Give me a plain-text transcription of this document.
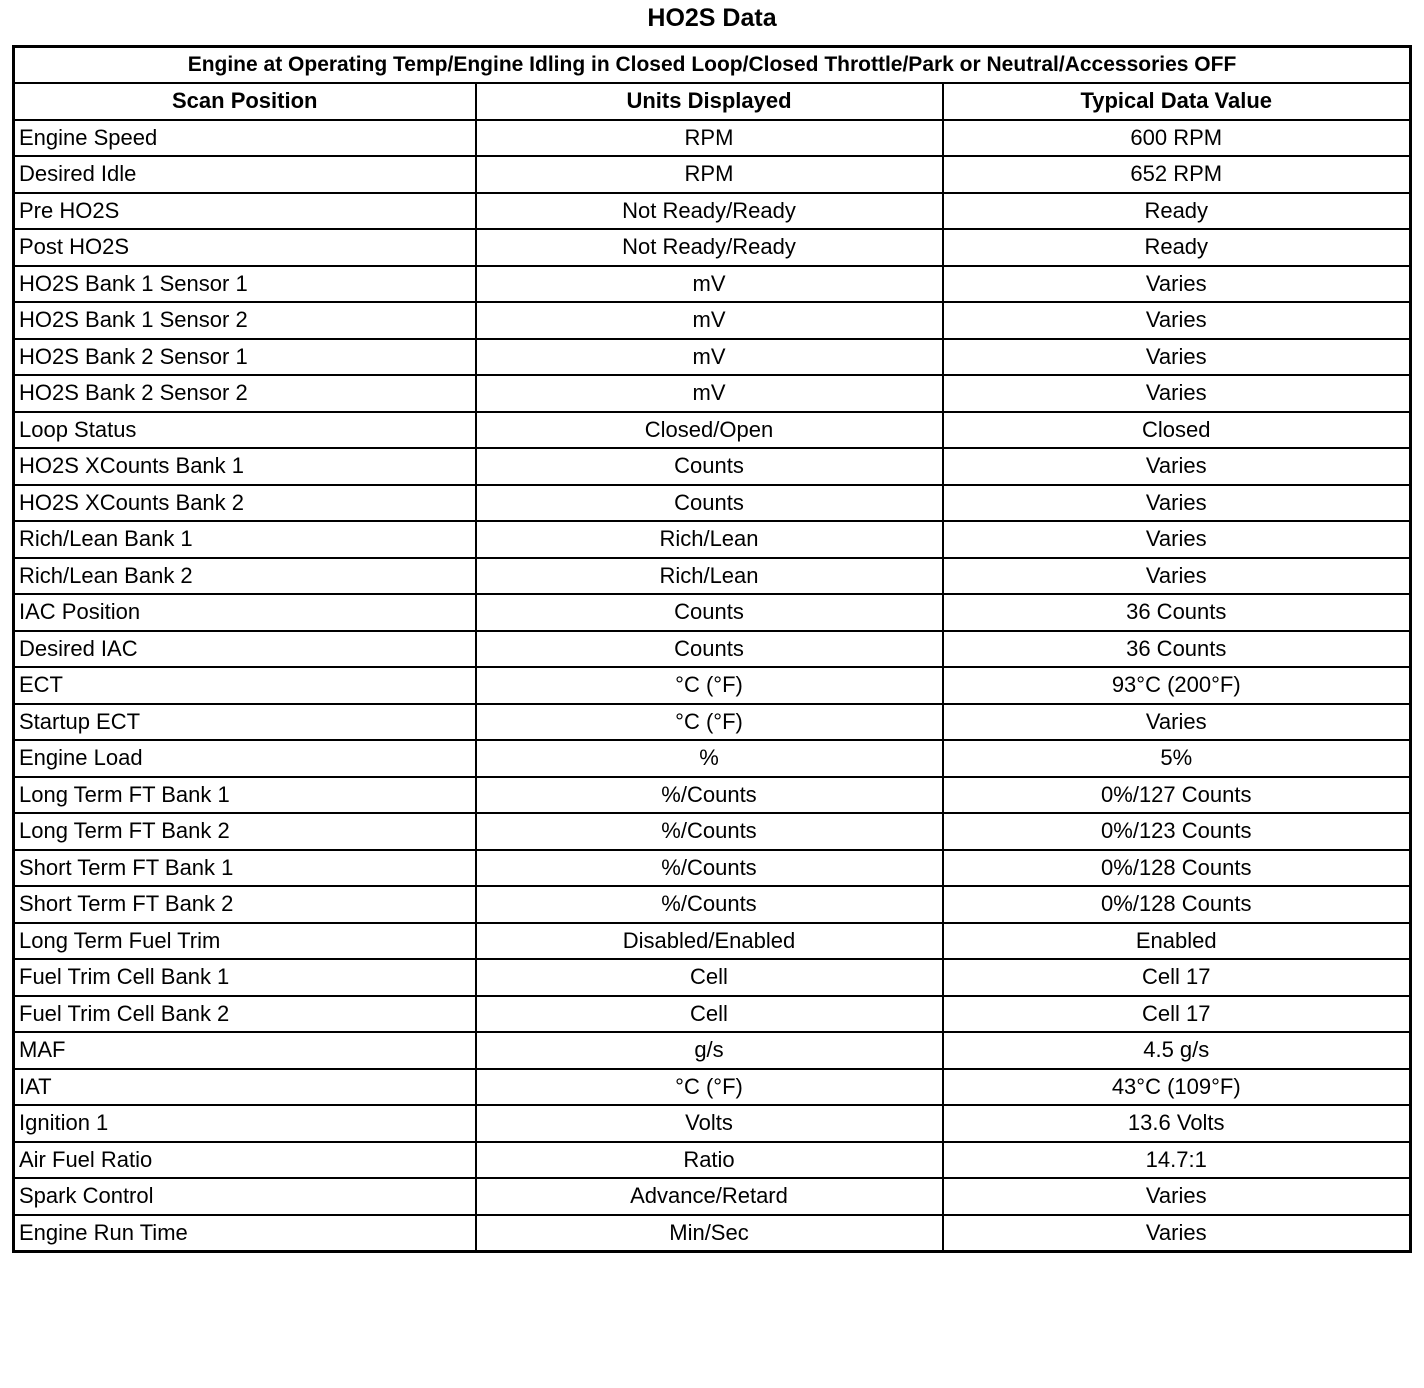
HO2S Data
Engine at Operating Temp/Engine Idling in Closed Loop/Closed Throttle/Park or Neutral/Accessories OFF		
Scan Position	Units Displayed	Typical Data Value
Engine Speed	RPM	600 RPM
Desired Idle	RPM	652 RPM
Pre HO2S	Not Ready/Ready	Ready
Post HO2S	Not Ready/Ready	Ready
HO2S Bank 1 Sensor 1	mV	Varies
HO2S Bank 1 Sensor 2	mV	Varies
HO2S Bank 2 Sensor 1	mV	Varies
HO2S Bank 2 Sensor 2	mV	Varies
Loop Status	Closed/Open	Closed
HO2S XCounts Bank 1	Counts	Varies
HO2S XCounts Bank 2	Counts	Varies
Rich/Lean Bank 1	Rich/Lean	Varies
Rich/Lean Bank 2	Rich/Lean	Varies
IAC Position	Counts	36 Counts
Desired IAC	Counts	36 Counts
ECT	°C (°F)	93°C (200°F)
Startup ECT	°C (°F)	Varies
Engine Load	%	5%
Long Term FT Bank 1	%/Counts	0%/127 Counts
Long Term FT Bank 2	%/Counts	0%/123 Counts
Short Term FT Bank 1	%/Counts	0%/128 Counts
Short Term FT Bank 2	%/Counts	0%/128 Counts
Long Term Fuel Trim	Disabled/Enabled	Enabled
Fuel Trim Cell Bank 1	Cell	Cell 17
Fuel Trim Cell Bank 2	Cell	Cell 17
MAF	g/s	4.5 g/s
IAT	°C (°F)	43°C (109°F)
Ignition 1	Volts	13.6 Volts
Air Fuel Ratio	Ratio	14.7:1
Spark Control	Advance/Retard	Varies
Engine Run Time	Min/Sec	Varies
